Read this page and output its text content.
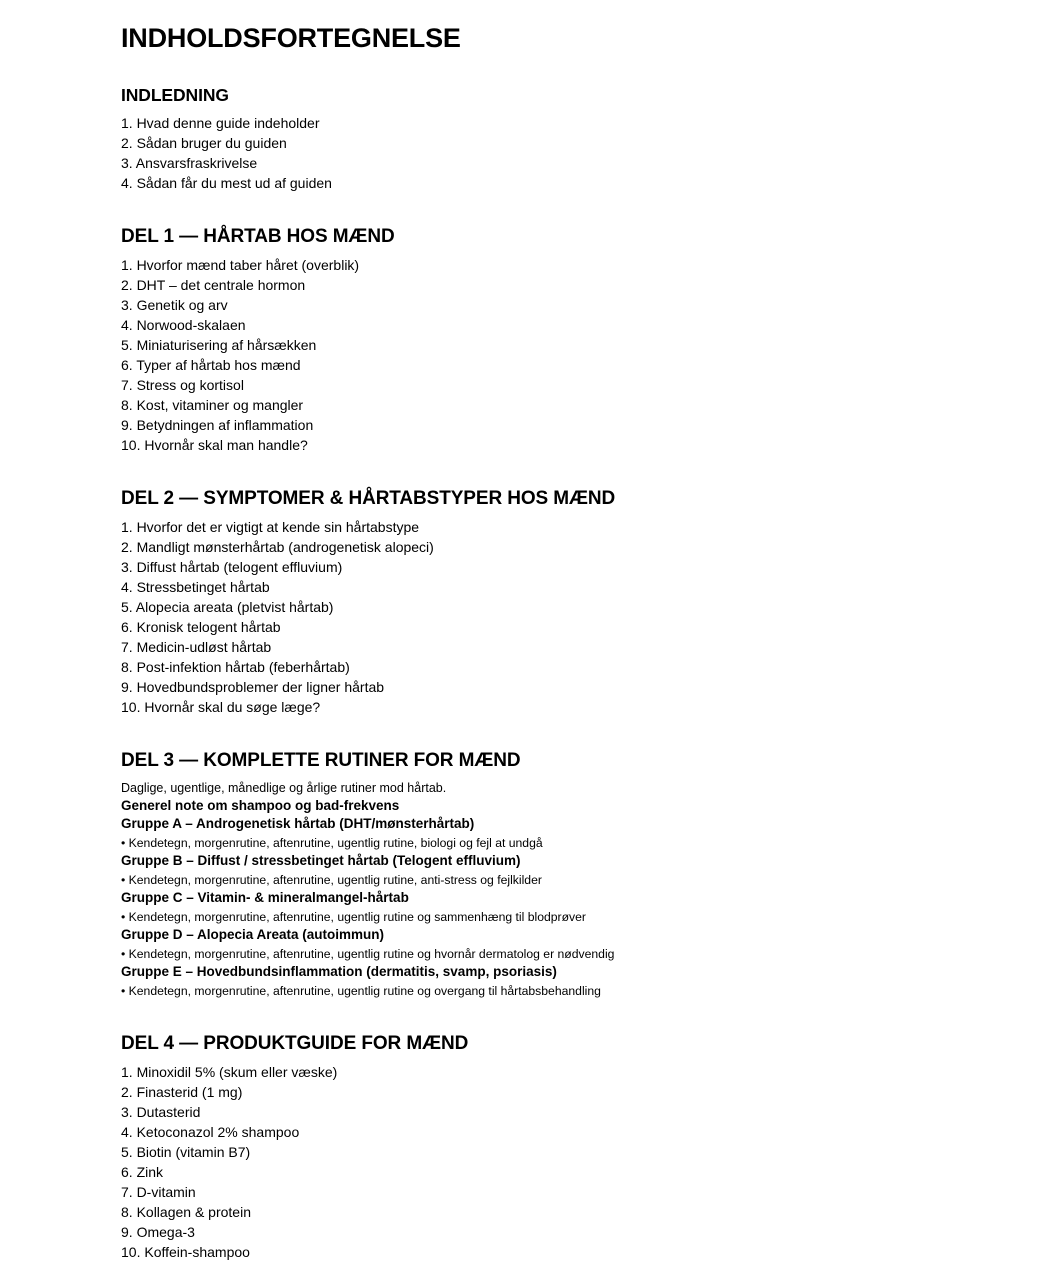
INDHOLDSFORTEGNELSE
INDLEDNING
1. Hvad denne guide indeholder
2. Sådan bruger du guiden
3. Ansvarsfraskrivelse
4. Sådan får du mest ud af guiden
DEL 1 — HÅRTAB HOS MÆND
1. Hvorfor mænd taber håret (overblik)
2. DHT – det centrale hormon
3. Genetik og arv
4. Norwood-skalaen
5. Miniaturisering af hårsækken
6. Typer af hårtab hos mænd
7. Stress og kortisol
8. Kost, vitaminer og mangler
9. Betydningen af inflammation
10. Hvornår skal man handle?
DEL 2 — SYMPTOMER & HÅRTABSTYPER HOS MÆND
1. Hvorfor det er vigtigt at kende sin hårtabstype
2. Mandligt mønsterhårtab (androgenetisk alopeci)
3. Diffust hårtab (telogent effluvium)
4. Stressbetinget hårtab
5. Alopecia areata (pletvist hårtab)
6. Kronisk telogent hårtab
7. Medicin-udløst hårtab
8. Post-infektion hårtab (feberhårtab)
9. Hovedbundsproblemer der ligner hårtab
10. Hvornår skal du søge læge?
DEL 3 — KOMPLETTE RUTINER FOR MÆND

Daglige, ugentlige, månedlige og årlige rutiner mod hårtab.

Generel note om shampoo og bad-frekvens

Gruppe A – Androgenetisk hårtab (DHT/mønsterhårtab)

• Kendetegn, morgenrutine, aftenrutine, ugentlig rutine, biologi og fejl at undgå

Gruppe B – Diffust / stressbetinget hårtab (Telogent effluvium)

• Kendetegn, morgenrutine, aftenrutine, ugentlig rutine, anti-stress og fejlkilder

Gruppe C – Vitamin- & mineralmangel-hårtab

• Kendetegn, morgenrutine, aftenrutine, ugentlig rutine og sammenhæng til blodprøver

Gruppe D – Alopecia Areata (autoimmun)

• Kendetegn, morgenrutine, aftenrutine, ugentlig rutine og hvornår dermatolog er nødvendig

Gruppe E – Hovedbundsinflammation (dermatitis, svamp, psoriasis)

• Kendetegn, morgenrutine, aftenrutine, ugentlig rutine og overgang til hårtabsbehandling

DEL 4 — PRODUKTGUIDE FOR MÆND
1. Minoxidil 5% (skum eller væske)
2. Finasterid (1 mg)
3. Dutasterid
4. Ketoconazol 2% shampoo
5. Biotin (vitamin B7)
6. Zink
7. D-vitamin
8. Kollagen & protein
9. Omega-3
10. Koffein-shampoo
